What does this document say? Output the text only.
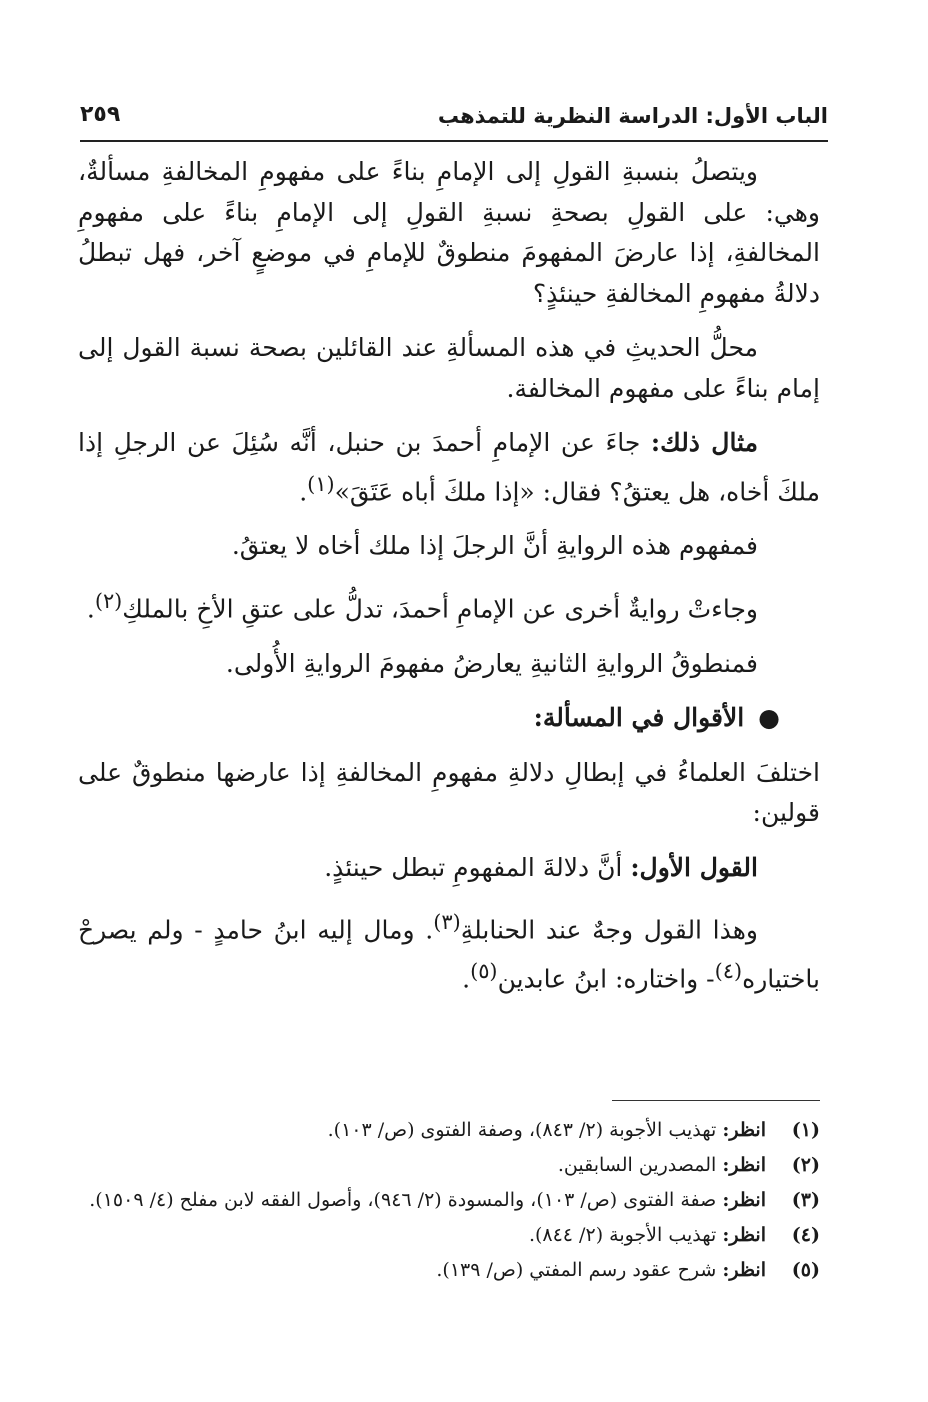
الباب الأول: الدراسة النظرية للتمذهب
٢٥٩

ويتصلُ بنسبةِ القولِ إلى الإمامِ بناءً على مفهومِ المخالفةِ مسألةٌ، وهي: على القولِ بصحةِ نسبةِ القولِ إلى الإمامِ بناءً على مفهومِ المخالفةِ، إذا عارضَ المفهومَ منطوقٌ للإمامِ في موضعٍ آخر، فهل تبطلُ دلالةُ مفهومِ المخالفةِ حينئذٍ؟

محلُّ الحديثِ في هذه المسألةِ عند القائلين بصحة نسبة القول إلى إمام بناءً على مفهوم المخالفة.

مثال ذلك: جاءَ عن الإمامِ أحمدَ بن حنبل، أنَّه سُئِلَ عن الرجلِ إذا ملكَ أخاه، هل يعتقُ؟ فقال: «إذا ملكَ أباه عَتَقَ»$^{(١)}$.

فمفهوم هذه الروايةِ أنَّ الرجلَ إذا ملك أخاه لا يعتقُ.

وجاءتْ روايةٌ أخرى عن الإمامِ أحمدَ، تدلُّ على عتقِ الأخِ بالملكِ$^{(٢)}$.

فمنطوقُ الروايةِ الثانيةِ يعارضُ مفهومَ الروايةِ الأُولى.

●الأقوال في المسألة:

اختلفَ العلماءُ في إبطالِ دلالةِ مفهومِ المخالفةِ إذا عارضها منطوقٌ على قولين:

القول الأول: أنَّ دلالةَ المفهومِ تبطل حينئذٍ.

وهذا القول وجهٌ عند الحنابلةِ$^{(٣)}$. ومال إليه ابنُ حامدٍ - ولم يصرحْ باختياره$^{(٤)}$- واختاره: ابنُ عابدين$^{(٥)}$.

(١)
انظر: تهذيب الأجوبة (٢/ ٨٤٣)، وصفة الفتوى (ص/ ١٠٣).
(٢)
انظر: المصدرين السابقين.
(٣)
انظر: صفة الفتوى (ص/ ١٠٣)، والمسودة (٢/ ٩٤٦)، وأصول الفقه لابن مفلح (٤/ ١٥٠٩).
(٤)
انظر: تهذيب الأجوبة (٢/ ٨٤٤).
(٥)
انظر: شرح عقود رسم المفتي (ص/ ١٣٩).
